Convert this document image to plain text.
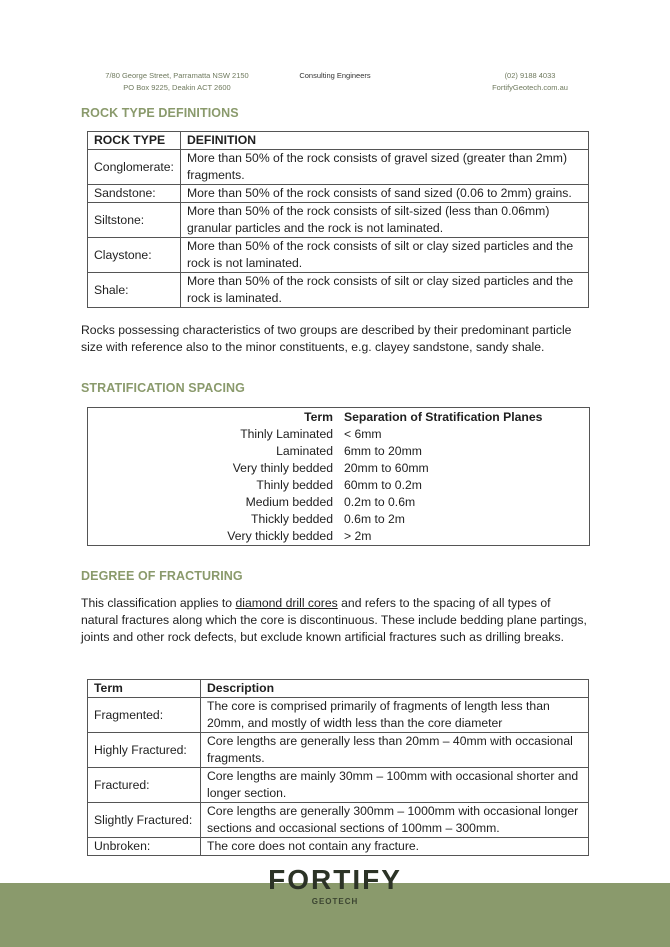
7/80 George Street, Parramatta NSW 2150
PO Box 9225, Deakin ACT 2600
Consulting Engineers	(02) 9188 4033
FortifyGeotech.com.au
ROCK TYPE DEFINITIONS
ROCK TYPE	DEFINITION
Conglomerate:	More than 50% of the rock consists of gravel sized (greater than 2mm) fragments.
Sandstone:	More than 50% of the rock consists of sand sized (0.06 to 2mm) grains.
Siltstone:	More than 50% of the rock consists of silt-sized (less than 0.06mm) granular particles and the rock is not laminated.
Claystone:	More than 50% of the rock consists of silt or clay sized particles and the rock is not laminated.
Shale:	More than 50% of the rock consists of silt or clay sized particles and the rock is laminated.

Rocks possessing characteristics of two groups are described by their predominant particle size with reference also to the minor constituents, e.g. clayey sandstone, sandy shale.

STRATIFICATION SPACING
Term	Separation of Stratification Planes
Thinly Laminated	< 6mm
Laminated	6mm to 20mm
Very thinly bedded	20mm to 60mm
Thinly bedded	60mm to 0.2m
Medium bedded	0.2m to 0.6m
Thickly bedded	0.6m to 2m
Very thickly bedded	> 2m
DEGREE OF FRACTURING

This classification applies to diamond drill cores and refers to the spacing of all types of natural fractures along which the core is discontinuous. These include bedding plane partings, joints and other rock defects, but exclude known artificial fractures such as drilling breaks.

Term	Description
Fragmented:	The core is comprised primarily of fragments of length less than 20mm, and mostly of width less than the core diameter
Highly Fractured:	Core lengths are generally less than 20mm – 40mm with occasional fragments.
Fractured:	Core lengths are mainly 30mm – 100mm with occasional shorter and longer section.
Slightly Fractured:	Core lengths are generally 300mm – 1000mm with occasional longer sections and occasional sections of 100mm – 300mm.
Unbroken:	The core does not contain any fracture.
FORTIFY
GEOTECH
